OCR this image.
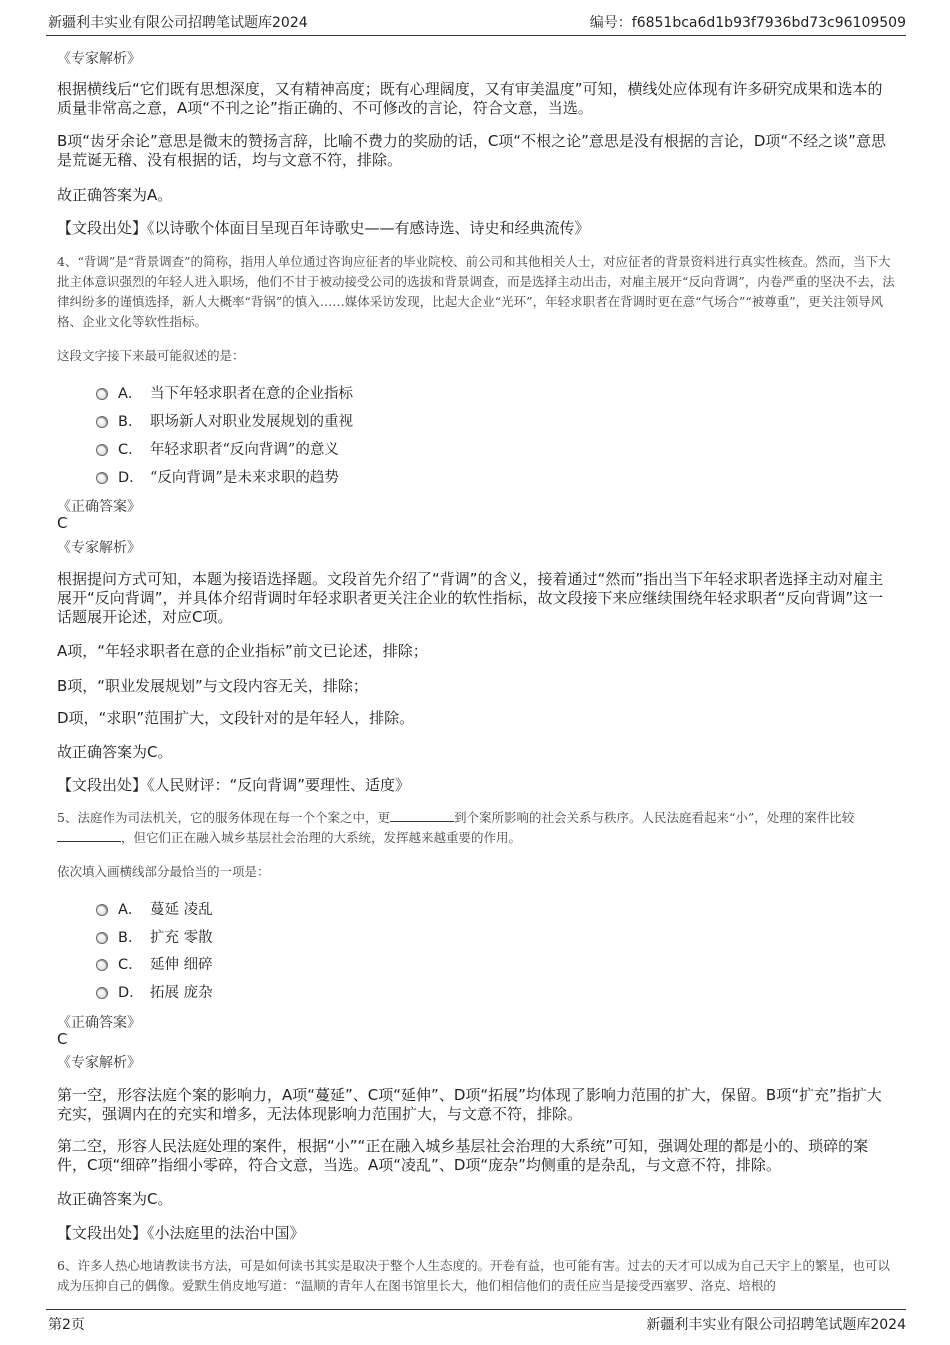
新疆利丰实业有限公司招聘笔试题库2024	编号：f6851bca6d1b93f7936bd73c96109509
《专家解析》
根据横线后“它们既有思想深度，又有精神高度；既有心理阔度，又有审美温度”可知，横线处应体现有许多研究成果和选本的质量非常高之意，A项“不刊之论”指正确的、不可修改的言论，符合文意，当选。
B项“齿牙余论”意思是微末的赞扬言辞，比喻不费力的奖励的话，C项“不根之论”意思是没有根据的言论，D项“不经之谈”意思是荒诞无稽、没有根据的话，均与文意不符，排除。
故正确答案为A。
【文段出处】《以诗歌个体面目呈现百年诗歌史——有感诗选、诗史和经典流传》
4、“背调”是“背景调查”的简称，指用人单位通过咨询应征者的毕业院校、前公司和其他相关人士，对应征者的背景资料进行真实性核查。然而，当下大批主体意识强烈的年轻人进入职场，他们不甘于被动接受公司的选拔和背景调查，而是选择主动出击，对雇主展开“反向背调”，内卷严重的坚决不去，法律纠纷多的谨慎选择，新人大概率“背锅”的慎入……媒体采访发现，比起大企业“光环”，年轻求职者在背调时更在意“气场合”“被尊重”，更关注领导风格、企业文化等软性指标。
这段文字接下来最可能叙述的是：
A． 当下年轻求职者在意的企业指标
B． 职场新人对职业发展规划的重视
C． 年轻求职者“反向背调”的意义
D． “反向背调”是未来求职的趋势
《正确答案》
C
《专家解析》
根据提问方式可知，本题为接语选择题。文段首先介绍了“背调”的含义，接着通过“然而”指出当下年轻求职者选择主动对雇主展开“反向背调”，并具体介绍背调时年轻求职者更关注企业的软性指标，故文段接下来应继续围绕年轻求职者“反向背调”这一话题展开论述，对应C项。
A项，“年轻求职者在意的企业指标”前文已论述，排除；
B项，“职业发展规划”与文段内容无关，排除；
D项，“求职”范围扩大，文段针对的是年轻人，排除。
故正确答案为C。
【文段出处】《人民财评：“反向背调”要理性、适度》
5、法庭作为司法机关，它的服务体现在每一个个案之中，更	到个案所影响的社会关系与秩序。人民法庭看起来“小”，处理的案件比较，但它们正在融入城乡基层社会治理的大系统，发挥越来越重要的作用。
依次填入画横线部分最恰当的一项是：
A． 蔓延 凌乱
B． 扩充 零散
C． 延伸 细碎
D． 拓展 庞杂
《正确答案》
C
《专家解析》
第一空，形容法庭个案的影响力，A项“蔓延”、C项“延伸”、D项“拓展”均体现了影响力范围的扩大，保留。B项“扩充”指扩大充实，强调内在的充实和增多，无法体现影响力范围扩大，与文意不符，排除。
第二空，形容人民法庭处理的案件，根据“小”“正在融入城乡基层社会治理的大系统”可知，强调处理的都是小的、琐碎的案件，C项“细碎”指细小零碎，符合文意，当选。A项“凌乱”、D项“庞杂”均侧重的是杂乱，与文意不符，排除。
故正确答案为C。
【文段出处】《小法庭里的法治中国》
6、许多人热心地请教读书方法，可是如何读书其实是取决于整个人生态度的。开卷有益，也可能有害。过去的天才可以成为自己天宇上的繁星，也可以成为压抑自己的偶像。爱默生俏皮地写道：“温顺的青年人在图书馆里长大，他们相信他们的责任应当是接受西塞罗、洛克、培根的
第2页	新疆利丰实业有限公司招聘笔试题库2024
